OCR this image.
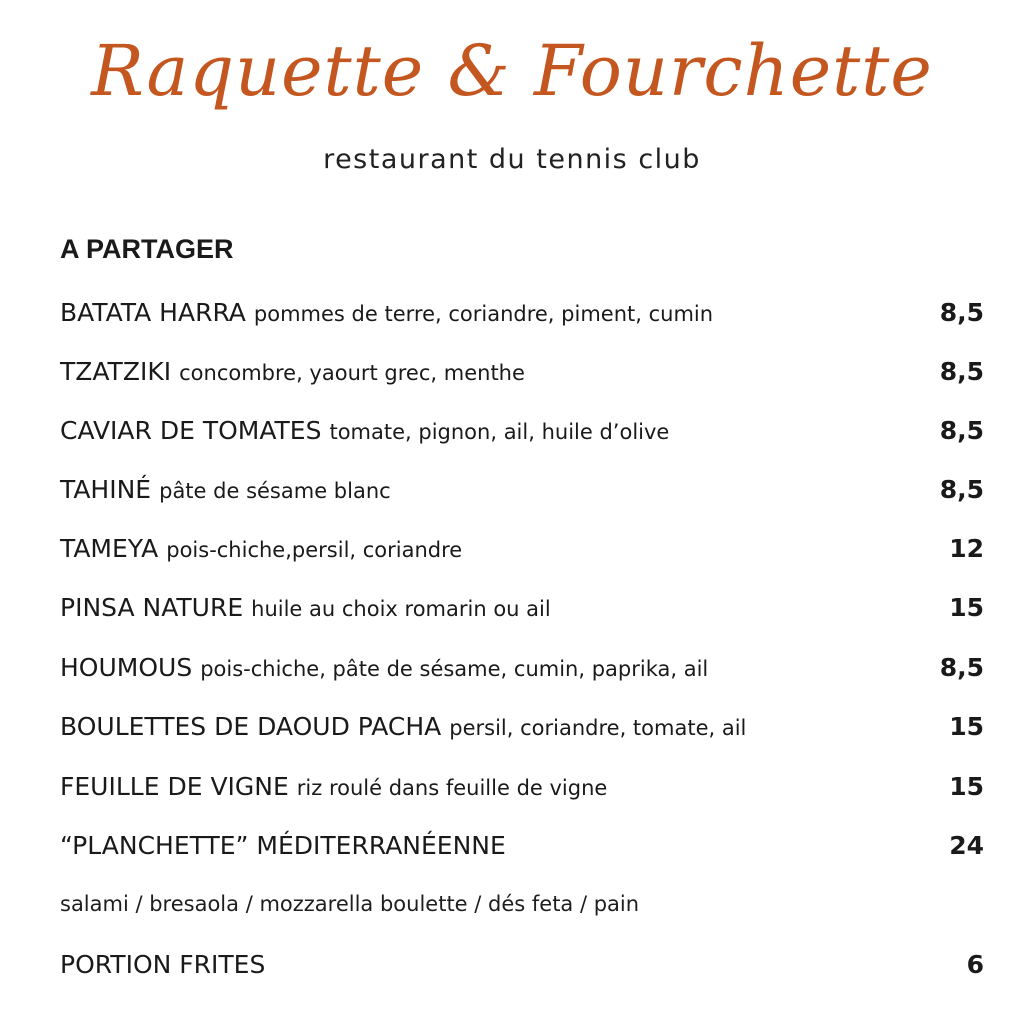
Raquette & Fourchette
restaurant du tennis club
A PARTAGER
BATATA HARRA pommes de terre, coriandre, piment, cumin	8,5
TZATZIKI concombre, yaourt grec, menthe	8,5
CAVIAR DE TOMATES tomate, pignon, ail, huile d’olive	8,5
TAHINÉ pâte de sésame blanc	8,5
TAMEYA pois-chiche,persil, coriandre	12
PINSA NATURE huile au choix romarin ou ail	15
HOUMOUS pois-chiche, pâte de sésame, cumin, paprika, ail	8,5
BOULETTES DE DAOUD PACHA persil, coriandre, tomate, ail	15
FEUILLE DE VIGNE riz roulé dans feuille de vigne	15
“PLANCHETTE” MÉDITERRANÉENNE	24
salami / bresaola / mozzarella boulette / dés feta / pain
PORTION FRITES	6
